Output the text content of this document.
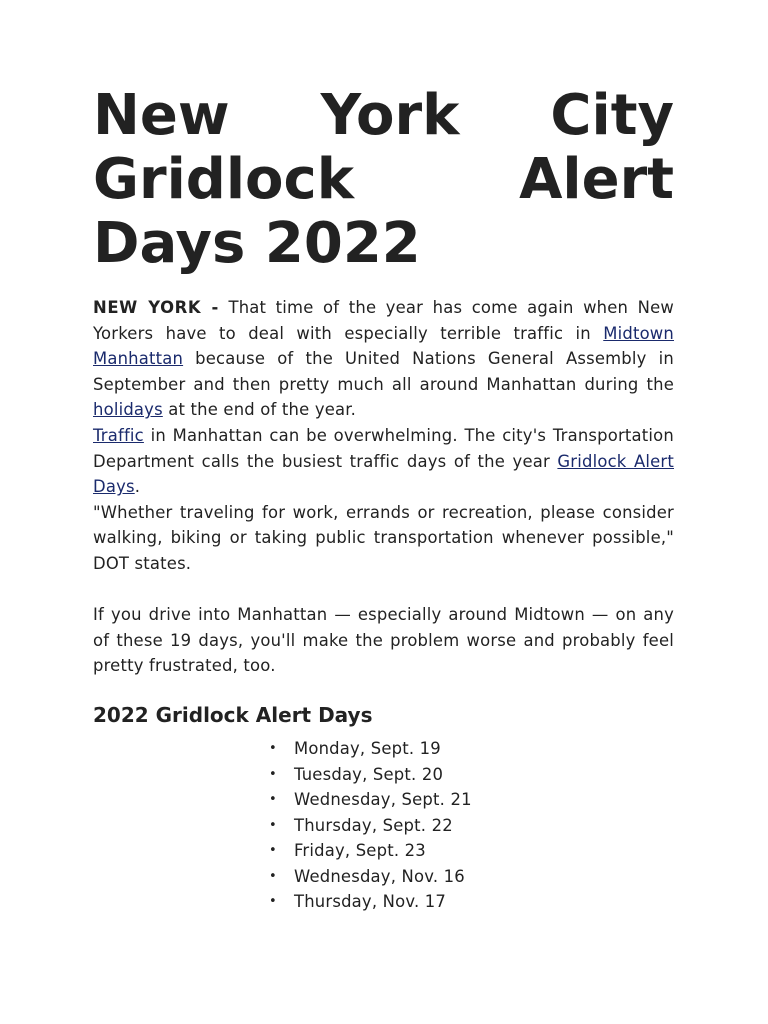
New York City Gridlock Alert Days 2022

NEW YORK - That time of the year has come again when New Yorkers have to deal with especially terrible traffic in Midtown Manhattan because of the United Nations General Assembly in September and then pretty much all around Manhattan during the holidays at the end of the year.

Traffic in Manhattan can be overwhelming. The city's Transportation Department calls the busiest traffic days of the year Gridlock Alert Days.

"Whether traveling for work, errands or recreation, please consider walking, biking or taking public transportation whenever possible," DOT states.

If you drive into Manhattan — especially around Midtown — on any of these 19 days, you'll make the problem worse and probably feel pretty frustrated, too.

2022 Gridlock Alert Days
• Monday, Sept. 19
• Tuesday, Sept. 20
• Wednesday, Sept. 21
• Thursday, Sept. 22
• Friday, Sept. 23
• Wednesday, Nov. 16
• Thursday, Nov. 17
